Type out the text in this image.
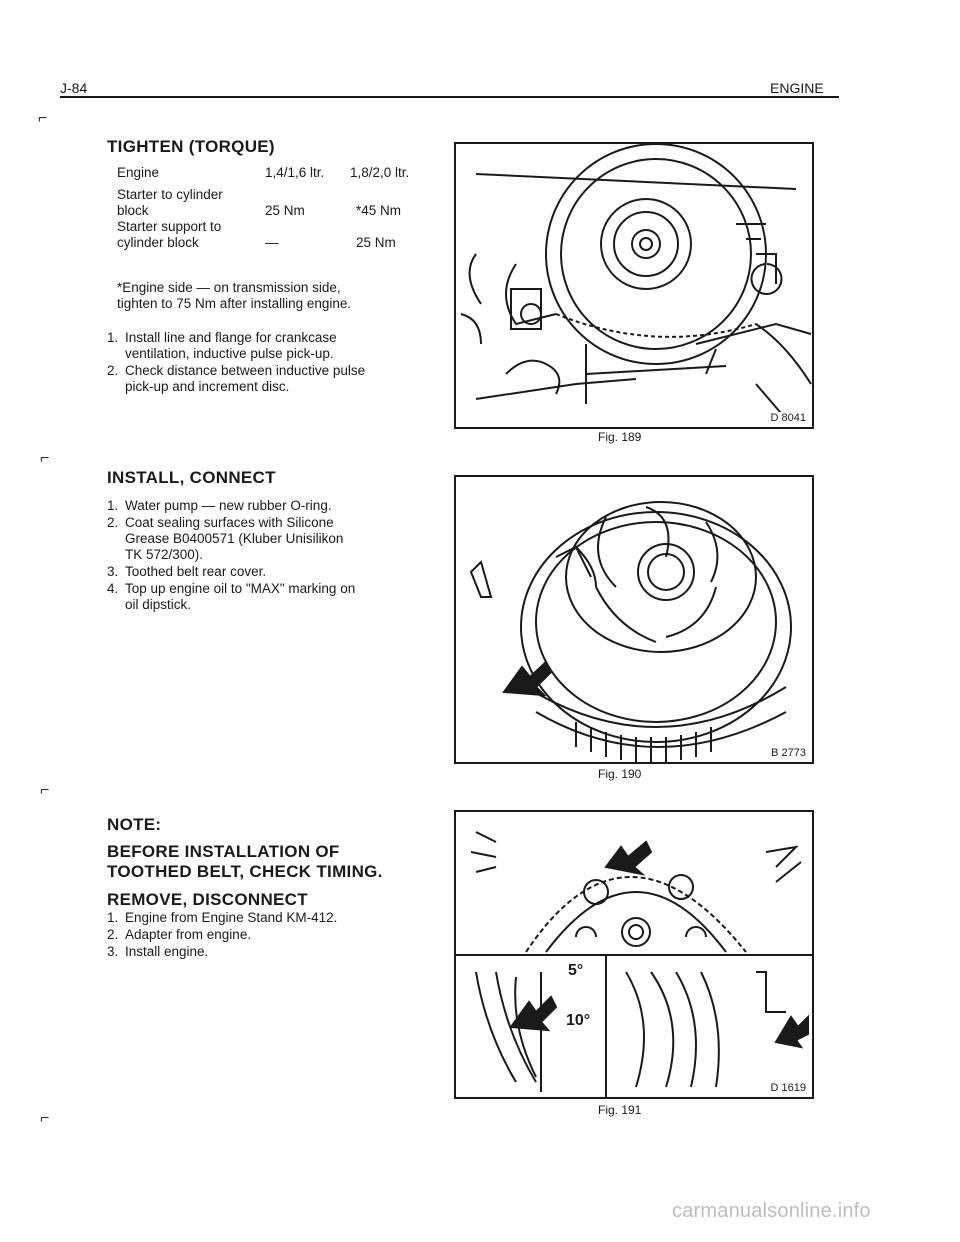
J-84	ENGINE
⌐
⌐
⌐
⌐
TIGHTEN (TORQUE)
Engine	1,4/1,6 ltr.	1,8/2,0 ltr.

Starter to cylinder
block	25 Nm	*45 Nm

Starter support to
cylinder block	—	25 Nm
*Engine side — on transmission side,
tighten to 75 Nm after installing engine.
1. Install line and flange for crankcase
ventilation, inductive pulse pick-up.
2. Check distance between inductive pulse
pick-up and increment disc.
INSTALL, CONNECT
1. Water pump — new rubber O-ring.
2. Coat sealing surfaces with Silicone
Grease B0400571 (Kluber Unisilikon
TK 572/300).
3. Toothed belt rear cover.
4. Top up engine oil to "MAX" marking on
oil dipstick.
NOTE:
BEFORE INSTALLATION OF
TOOTHED BELT, CHECK TIMING.
REMOVE, DISCONNECT
1. Engine from Engine Stand KM-412.
2. Adapter from engine.
3. Install engine.
D 8041
Fig. 189
B 2773
Fig. 190
5°
10°
D 1619
Fig. 191
carmanualsonline.info
